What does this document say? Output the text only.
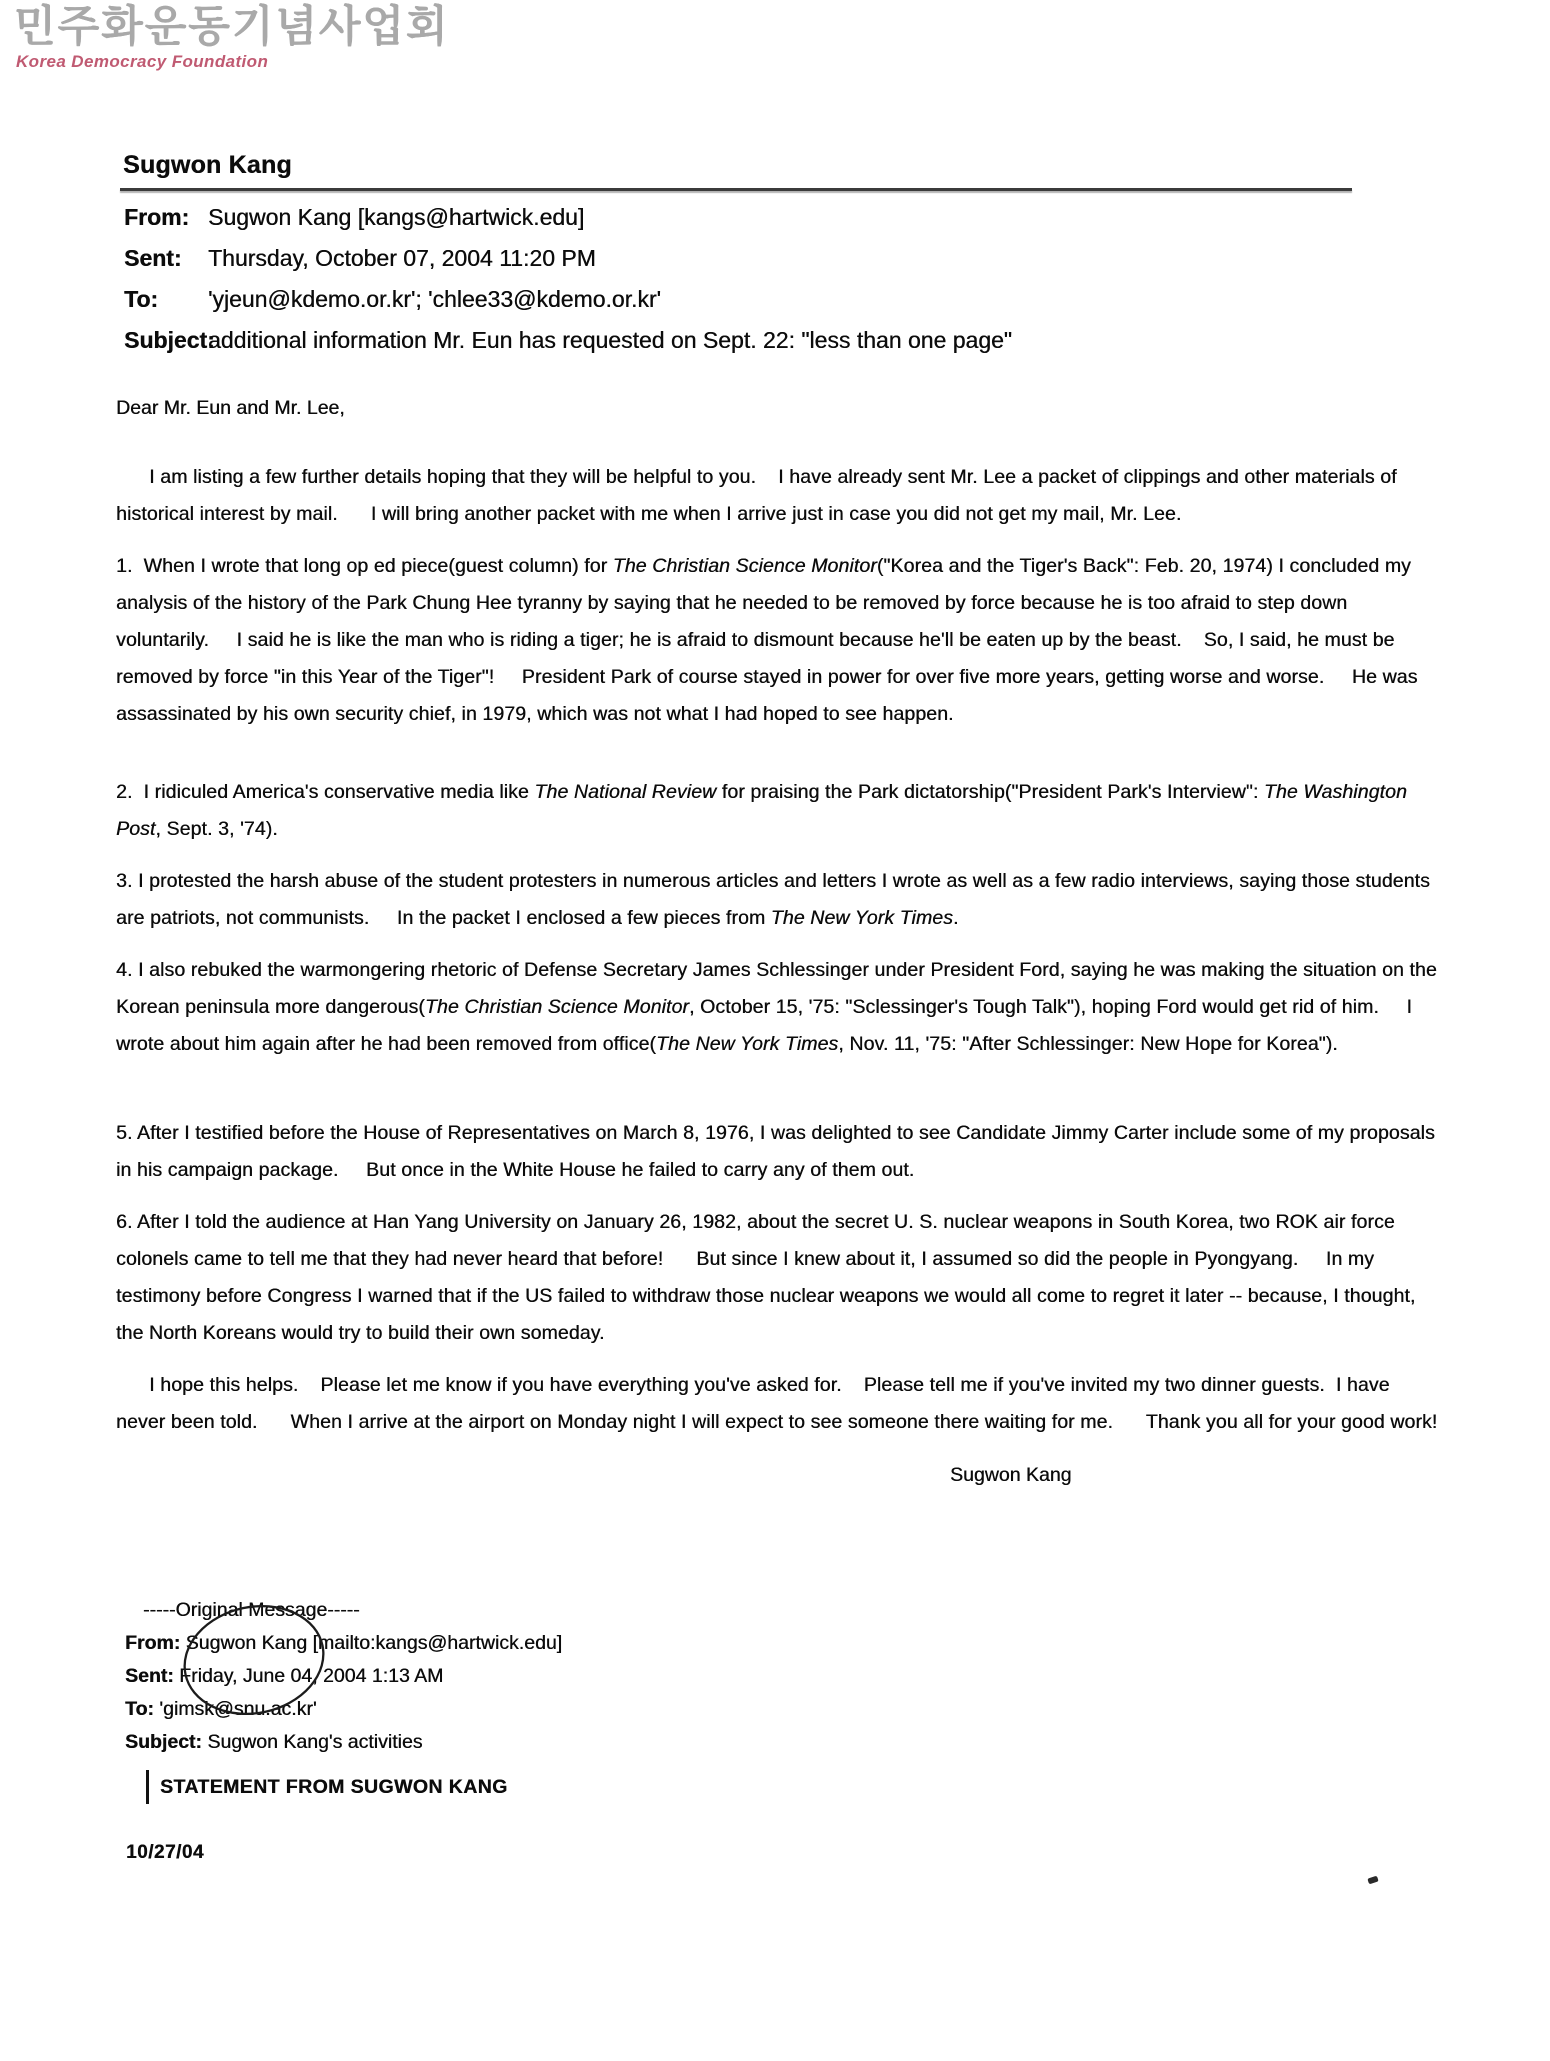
민주화운동기념사업회
Korea Democracy Foundation
Sugwon Kang
From: Sugwon Kang [kangs@hartwick.edu]
Sent:	Thursday, October 07, 2004 11:20 PM
To:	'yjeun@kdemo.or.kr'; 'chlee33@kdemo.or.kr'
Subject:
additional information Mr. Eun has requested on Sept. 22: "less than one page"
Dear Mr. Eun and Mr. Lee,
I am listing a few further details hoping that they will be helpful to you.    I have already sent Mr. Lee a packet of clippings and other materials of historical interest by mail.      I will bring another packet with me when I arrive just in case you did not get my mail, Mr. Lee.
1.  When I wrote that long op ed piece(guest column) for The Christian Science Monitor("Korea and the Tiger's Back": Feb. 20, 1974) I concluded my analysis of the history of the Park Chung Hee tyranny by saying that he needed to be removed by force because he is too afraid to step down voluntarily.     I said he is like the man who is riding a tiger; he is afraid to dismount because he'll be eaten up by the beast.    So, I said, he must be removed by force "in this Year of the Tiger"!     President Park of course stayed in power for over five more years, getting worse and worse.     He was assassinated by his own security chief, in 1979, which was not what I had hoped to see happen.
2.  I ridiculed America's conservative media like The National Review for praising the Park dictatorship("President Park's Interview": The Washington Post, Sept. 3, '74).
3. I protested the harsh abuse of the student protesters in numerous articles and letters I wrote as well as a few radio interviews, saying those students are patriots, not communists.     In the packet I enclosed a few pieces from The New York Times.
4. I also rebuked the warmongering rhetoric of Defense Secretary James Schlessinger under President Ford, saying he was making the situation on the Korean peninsula more dangerous(The Christian Science Monitor, October 15, '75: "Sclessinger's Tough Talk"), hoping Ford would get rid of him.     I wrote about him again after he had been removed from office(The New York Times, Nov. 11, '75: "After Schlessinger: New Hope for Korea").
5. After I testified before the House of Representatives on March 8, 1976, I was delighted to see Candidate Jimmy Carter include some of my proposals in his campaign package.     But once in the White House he failed to carry any of them out.
6. After I told the audience at Han Yang University on January 26, 1982, about the secret U. S. nuclear weapons in South Korea, two ROK air force colonels came to tell me that they had never heard that before!      But since I knew about it, I assumed so did the people in Pyongyang.     In my testimony before Congress I warned that if the US failed to withdraw those nuclear weapons we would all come to regret it later -- because, I thought, the North Koreans would try to build their own someday.
I hope this helps.    Please let me know if you have everything you've asked for.    Please tell me if you've invited my two dinner guests.  I have never been told.      When I arrive at the airport on Monday night I will expect to see someone there waiting for me.      Thank you all for your good work!
Sugwon Kang
-----Original Message-----
From: Sugwon Kang [mailto:kangs@hartwick.edu]
Sent: Friday, June 04, 2004 1:13 AM
To: 'gimsk@snu.ac.kr'
Subject: Sugwon Kang's activities
STATEMENT FROM SUGWON KANG
10/27/04
